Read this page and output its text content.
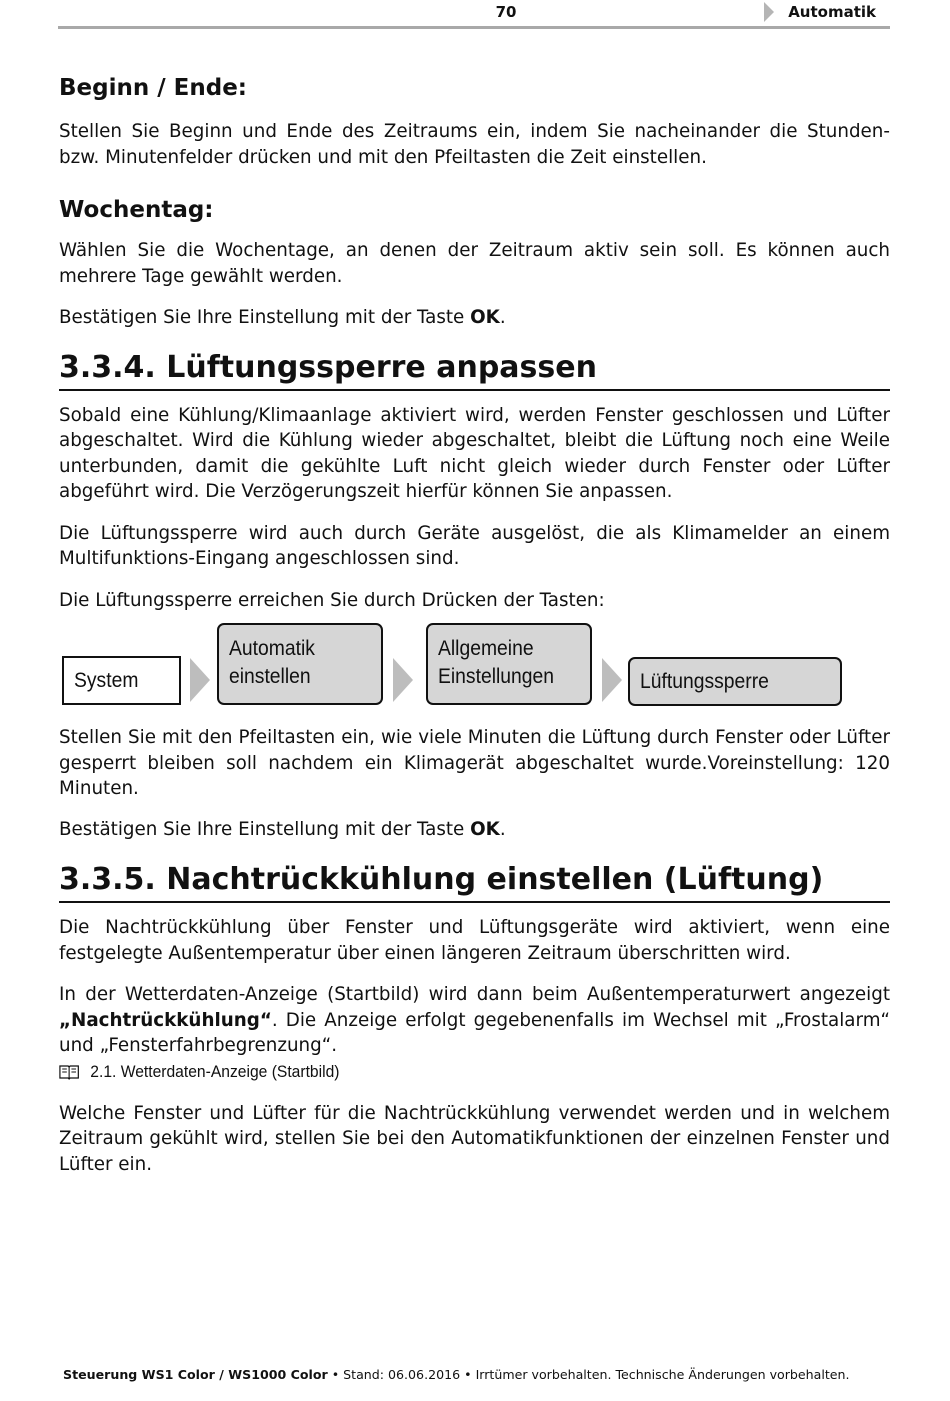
70	Automatik
Beginn / Ende:

Stellen Sie Beginn und Ende des Zeitraums ein, indem Sie nacheinander die Stunden- bzw. Minutenfelder drücken und mit den Pfeiltasten die Zeit einstellen.

Wochentag:

Wählen Sie die Wochentage, an denen der Zeitraum aktiv sein soll. Es können auch mehrere Tage gewählt werden.

Bestätigen Sie Ihre Einstellung mit der Taste OK.

3.3.4. Lüftungssperre anpassen

Sobald eine Kühlung/Klimaanlage aktiviert wird, werden Fenster geschlossen und Lüfter abgeschaltet. Wird die Kühlung wieder abgeschaltet, bleibt die Lüftung noch eine Weile unterbunden, damit die gekühlte Luft nicht gleich wieder durch Fenster oder Lüfter abgeführt wird. Die Verzögerungszeit hierfür können Sie anpassen.

Die Lüftungssperre wird auch durch Geräte ausgelöst, die als Klimamelder an einem Multifunktions-Eingang angeschlossen sind.

Die Lüftungssperre erreichen Sie durch Drücken der Tasten:

System
Automatik
einstellen
Allgemeine
Einstellungen	Lüftungssperre

Stellen Sie mit den Pfeiltasten ein, wie viele Minuten die Lüftung durch Fenster oder Lüfter gesperrt bleiben soll nachdem ein Klimagerät abgeschaltet wurde.Voreinstellung: 120 Minuten.

Bestätigen Sie Ihre Einstellung mit der Taste OK.

3.3.5. Nachtrückkühlung einstellen (Lüftung)

Die Nachtrückkühlung über Fenster und Lüftungsgeräte wird aktiviert, wenn eine festgelegte Außentemperatur über einen längeren Zeitraum überschritten wird.

In der Wetterdaten-Anzeige (Startbild) wird dann beim Außentemperaturwert angezeigt „Nachtrückkühlung“. Die Anzeige erfolgt gegebenenfalls im Wechsel mit „Frostalarm“ und „Fensterfahrbegrenzung“.

2.1. Wetterdaten-Anzeige (Startbild)

Welche Fenster und Lüfter für die Nachtrückkühlung verwendet werden und in welchem Zeitraum gekühlt wird, stellen Sie bei den Automatikfunktionen der einzelnen Fenster und Lüfter ein.

Steuerung WS1 Color / WS1000 Color • Stand: 06.06.2016 • Irrtümer vorbehalten. Technische Änderungen vorbehalten.
